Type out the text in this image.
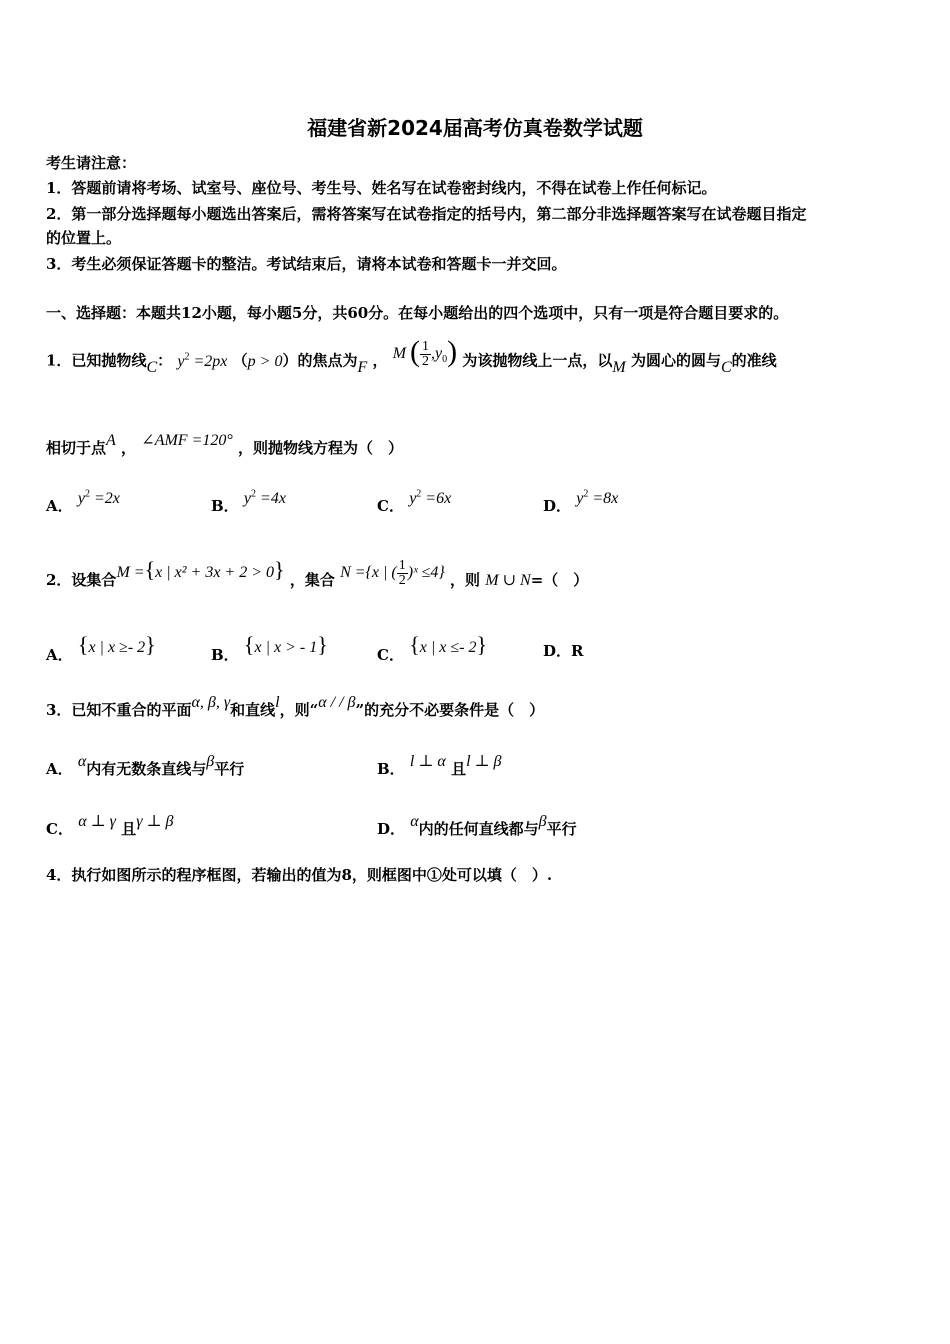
福建省新2024届高考仿真卷数学试题
考生请注意：
1．答题前请将考场、试室号、座位号、考生号、姓名写在试卷密封线内，不得在试卷上作任何标记。
2．第一部分选择题每小题选出答案后，需将答案写在试卷指定的括号内，第二部分非选择题答案写在试卷题目指定
的位置上。
3．考生必须保证答题卡的整洁。考试结束后，请将本试卷和答题卡一并交回。
一、选择题：本题共12小题，每小题5分，共60分。在每小题给出的四个选项中，只有一项是符合题目要求的。
1．已知抛物线C： $y^2 =2px$ （p > 0）的焦点为F ， M ( $\frac{1}{2} ,y_0$) 为该抛物线上一点，以M 为圆心的圆与C的准线
相切于点A ， ∠AMF =120° ，则抛物线方程为（　）
A． $y^2 =2x$	B． $y^2 =4x$	C． $y^2 =6x$	D． $y^2 =8x$
2．设集合M ={x | x² + 3x + 2 > 0} ，集合 N ={x | ( $\frac{1}{2}$ )ˣ ≤4} ，则 M ∪ N=（　）
A． {x | x ≥- 2}	B． {x | x > - 1}	C． {x | x ≤- 2}	D．R
3．已知不重合的平面α, β, γ和直线l，则“α / / β”的充分不必要条件是（　）
A． α内有无数条直线与β平行	B． l ⊥ α 且l ⊥ β
C． α ⊥ γ 且γ ⊥ β	D． α内的任何直线都与β平行
4．执行如图所示的程序框图，若输出的值为8，则框图中①处可以填（　）.
